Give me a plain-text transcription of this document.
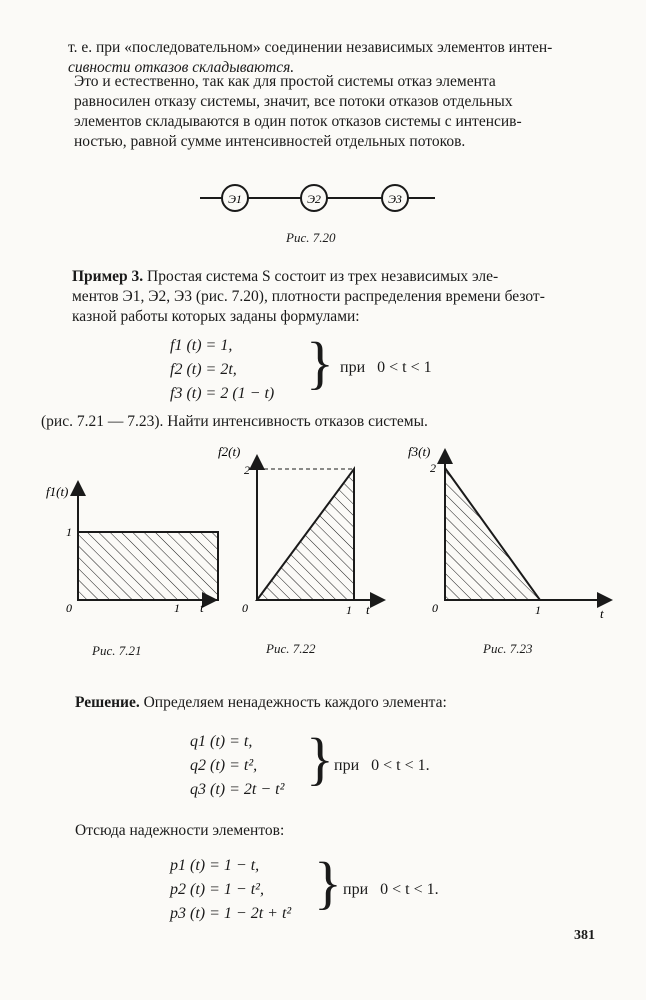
т. е. при «последовательном» соединении независимых элементов интен-
сивности отказов складываются.
Это и естественно, так как для простой системы отказ элемента
равносилен отказу системы, значит, все потоки отказов отдельных
элементов складываются в один поток отказов системы с интенсив-
ностью, равной сумме интенсивностей отдельных потоков.
Э1	Э2	Э3
Рис. 7.20
Пример 3. Простая система S состоит из трех независимых эле-
ментов Э1, Э2, Э3 (рис. 7.20), плотности распределения времени безот-
казной работы которых заданы формулами:
f1 (t) = 1,
f2 (t) = 2t,
f3 (t) = 2 (1 − t) } при   0 < t < 1
(рис. 7.21 — 7.23). Найти интенсивность отказов системы.
f1(t)
1
0	1 t
f2(t)
2
0	1 t
f3(t)
2
0	1	t
Рис. 7.21	Рис. 7.22	Рис. 7.23
Решение. Определяем ненадежность каждого элемента:
q1 (t) = t,
q2 (t) = t²,
q3 (t) = 2t − t² } при   0 < t < 1.
Отсюда надежности элементов:
p1 (t) = 1 − t,
p2 (t) = 1 − t²,
p3 (t) = 1 − 2t + t² } при   0 < t < 1.
381
